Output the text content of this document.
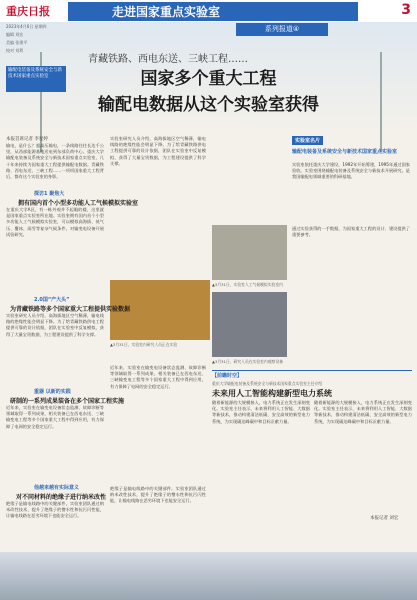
重庆日报	走进国家重点实验室	3
系列报道④
2023年4月6日 星期四
编辑 刘宏
美编 张建平
校对 刘利
输配电装备及系统安全与新技术国家重点实验室
青藏铁路、西电东送、三峡工程……
国家多个重大工程
输配电数据从这个实验室获得
本报首席记者 李星婷
输电，是什么？超高压输电，一条线路往往长达千公里，从西部能源基地送电到东部负荷中心。重庆大学输配电装备及系统安全与新技术国家重点实验室，几十年来持续为国家重大工程提供输配电数据。青藏铁路、西电东送、三峡工程……一项项国家重大工程背后，都有这个实验室的身影。
探访1 聚焦大
拥有国内首个小型多功能人工气候模拟实验室
在重庆大学A区，有一栋外观并不起眼的楼，这里就是国家重点实验室所在地。实验室拥有国内首个小型多功能人工气候模拟实验室，可以模拟高海拔、低气压、覆冰、雨雪等复杂气候条件，对输变电设备开展试验研究。
实验室研究人员介绍，高海拔地区空气稀薄，输电线路的绝缘性能会明显下降。为了给青藏铁路供电工程提供可靠的设计依据，团队在实验室中反复模拟，获得了大量宝贵数据，为工程建设提供了科学支撑。
▲3月31日，实验室人工气候模拟实验室内
▲3月31日，实验室内研究人员正在实验
▲3月31日，研究人员在实验室内观察设备
2.0国“产大头”
为青藏铁路等多个国家重大工程提供实验数据
实验室研究人员介绍，高海拔地区空气稀薄，输电线路的绝缘性能会明显下降。为了给青藏铁路供电工程提供可靠的设计依据，团队在实验室中反复模拟，获得了大量宝贵数据，为工程建设提供了科学支撑。
重器 以新的实践
研制的一系列成果装备在多个国家工程实施
近年来，实验室在输变电设备状态监测、故障诊断等领域取得一系列成果，相关装备已在西电东送、三峡输变电工程等多个国家重大工程中得到应用，有力保障了电网的安全稳定运行。
近年来，实验室在输变电设备状态监测、故障诊断等领域取得一系列成果，相关装备已在西电东送、三峡输变电工程等多个国家重大工程中得到应用，有力保障了电网的安全稳定运行。
他越来越有实际意义
对不同材料的绝缘子进行纳米改性
绝缘子是输电线路中的关键部件。实验室团队通过纳米改性技术，提升了绝缘子的憎水性和抗污闪性能，让输电线路在恶劣环境下也能安全运行。
绝缘子是输电线路中的关键部件。实验室团队通过纳米改性技术，提升了绝缘子的憎水性和抗污闪性能，让输电线路在恶劣环境下也能安全运行。
实验室名片
输配电装备及系统安全与新技术国家重点实验室
实验室依托重庆大学建设，1992年开始筹建，1995年通过国家验收。实验室围绕输配电装备及系统安全与新技术开展研究，是我国输配电领域重要的科研基地。
通过实验获得的一手数据，为国家重大工程的设计、建设提供了重要参考。
【前瞻时空】
重庆大学输配电装备及系统安全与新技术国家重点实验室主任介绍
未来用人工智能构建新型电力系统
随着新能源的大规模接入，电力系统正在发生深刻变化。实验室主任表示，未来将利用人工智能、大数据等新技术，推动构建清洁低碳、安全高效的新型电力系统，为实现碳达峰碳中和目标贡献力量。
随着新能源的大规模接入，电力系统正在发生深刻变化。实验室主任表示，未来将利用人工智能、大数据等新技术，推动构建清洁低碳、安全高效的新型电力系统，为实现碳达峰碳中和目标贡献力量。
本报记者 刘宏
